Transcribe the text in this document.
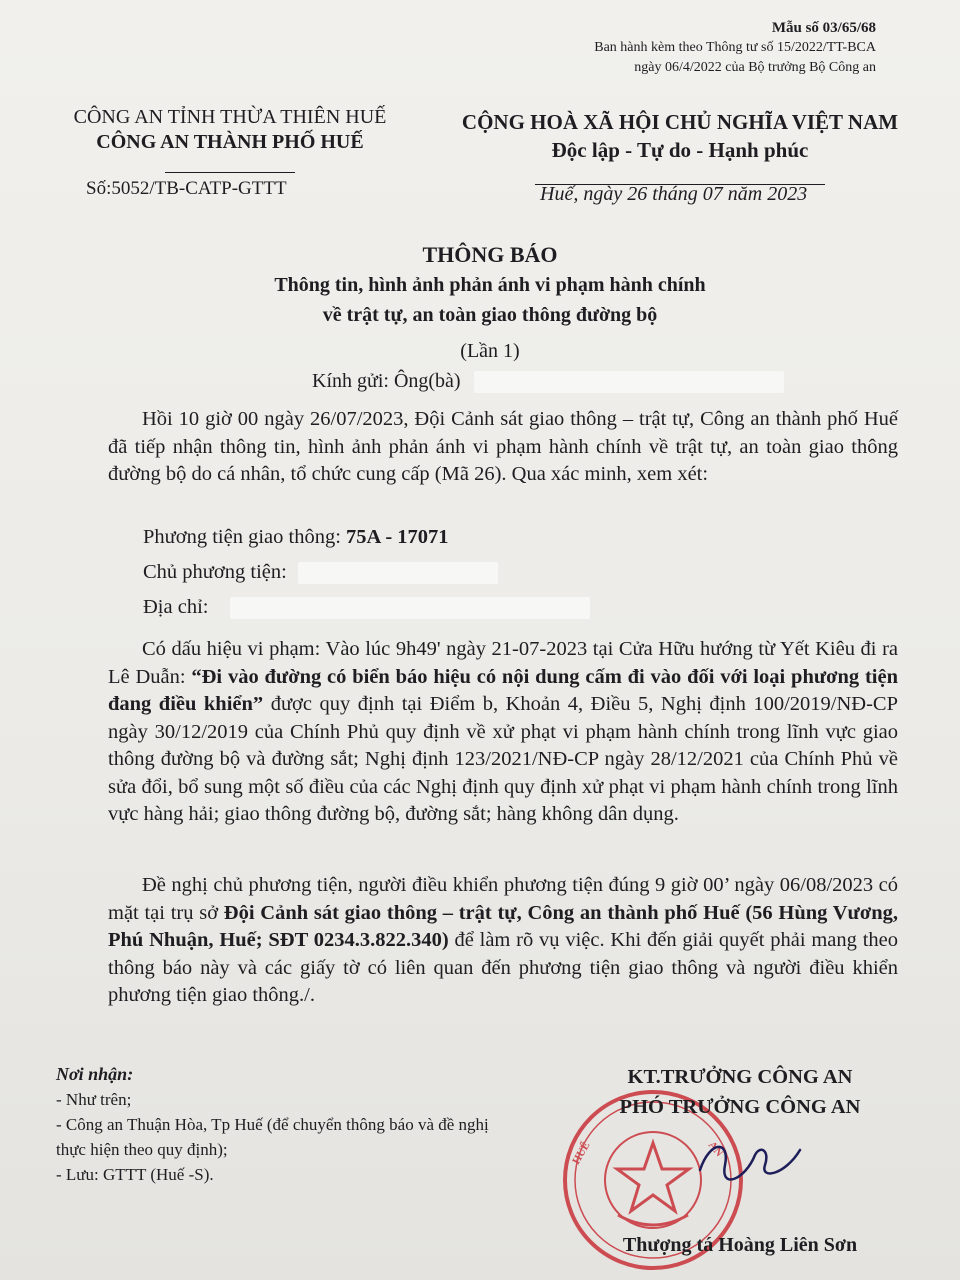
Mẫu số 03/65/68
Ban hành kèm theo Thông tư số 15/2022/TT-BCA
ngày 06/4/2022 của Bộ trưởng Bộ Công an
CÔNG AN TỈNH THỪA THIÊN HUẾ
CÔNG AN THÀNH PHỐ HUẾ
Số:5052/TB-CATP-GTTT
CỘNG HOÀ XÃ HỘI CHỦ NGHĨA VIỆT NAM
Độc lập - Tự do - Hạnh phúc
Huế, ngày 26 tháng 07 năm 2023
THÔNG BÁO
Thông tin, hình ảnh phản ánh vi phạm hành chính
về trật tự, an toàn giao thông đường bộ
(Lần 1)
Kính gửi: Ông(bà)
Hồi 10 giờ 00 ngày 26/07/2023, Đội Cảnh sát giao thông – trật tự, Công an thành phố Huế đã tiếp nhận thông tin, hình ảnh phản ánh vi phạm hành chính về trật tự, an toàn giao thông đường bộ do cá nhân, tổ chức cung cấp (Mã 26). Qua xác minh, xem xét:
Phương tiện giao thông: 75A - 17071
Chủ phương tiện:
Địa chỉ:
Có dấu hiệu vi phạm: Vào lúc 9h49' ngày 21-07-2023 tại Cửa Hữu hướng từ Yết Kiêu đi ra Lê Duẫn: “Đi vào đường có biển báo hiệu có nội dung cấm đi vào đối với loại phương tiện đang điều khiển” được quy định tại Điểm b, Khoản 4, Điều 5, Nghị định 100/2019/NĐ-CP ngày 30/12/2019 của Chính Phủ quy định về xử phạt vi phạm hành chính trong lĩnh vực giao thông đường bộ và đường sắt; Nghị định 123/2021/NĐ-CP ngày 28/12/2021 của Chính Phủ về sửa đổi, bổ sung một số điều của các Nghị định quy định xử phạt vi phạm hành chính trong lĩnh vực hàng hải; giao thông đường bộ, đường sắt; hàng không dân dụng.
Đề nghị chủ phương tiện, người điều khiển phương tiện đúng 9 giờ 00’ ngày 06/08/2023 có mặt tại trụ sở Đội Cảnh sát giao thông – trật tự, Công an thành phố Huế (56 Hùng Vương, Phú Nhuận, Huế; SĐT 0234.3.822.340) để làm rõ vụ việc. Khi đến giải quyết phải mang theo thông báo này và các giấy tờ có liên quan đến phương tiện giao thông và người điều khiển phương tiện giao thông./.
Nơi nhận:
- Như trên;
- Công an Thuận Hòa, Tp Huế (để chuyển thông báo và đề nghị thực hiện theo quy định);
- Lưu: GTTT (Huế -S).
HUẾ	AN
KT.TRƯỞNG CÔNG AN
PHÓ TRƯỞNG CÔNG AN
Thượng tá Hoàng Liên Sơn
